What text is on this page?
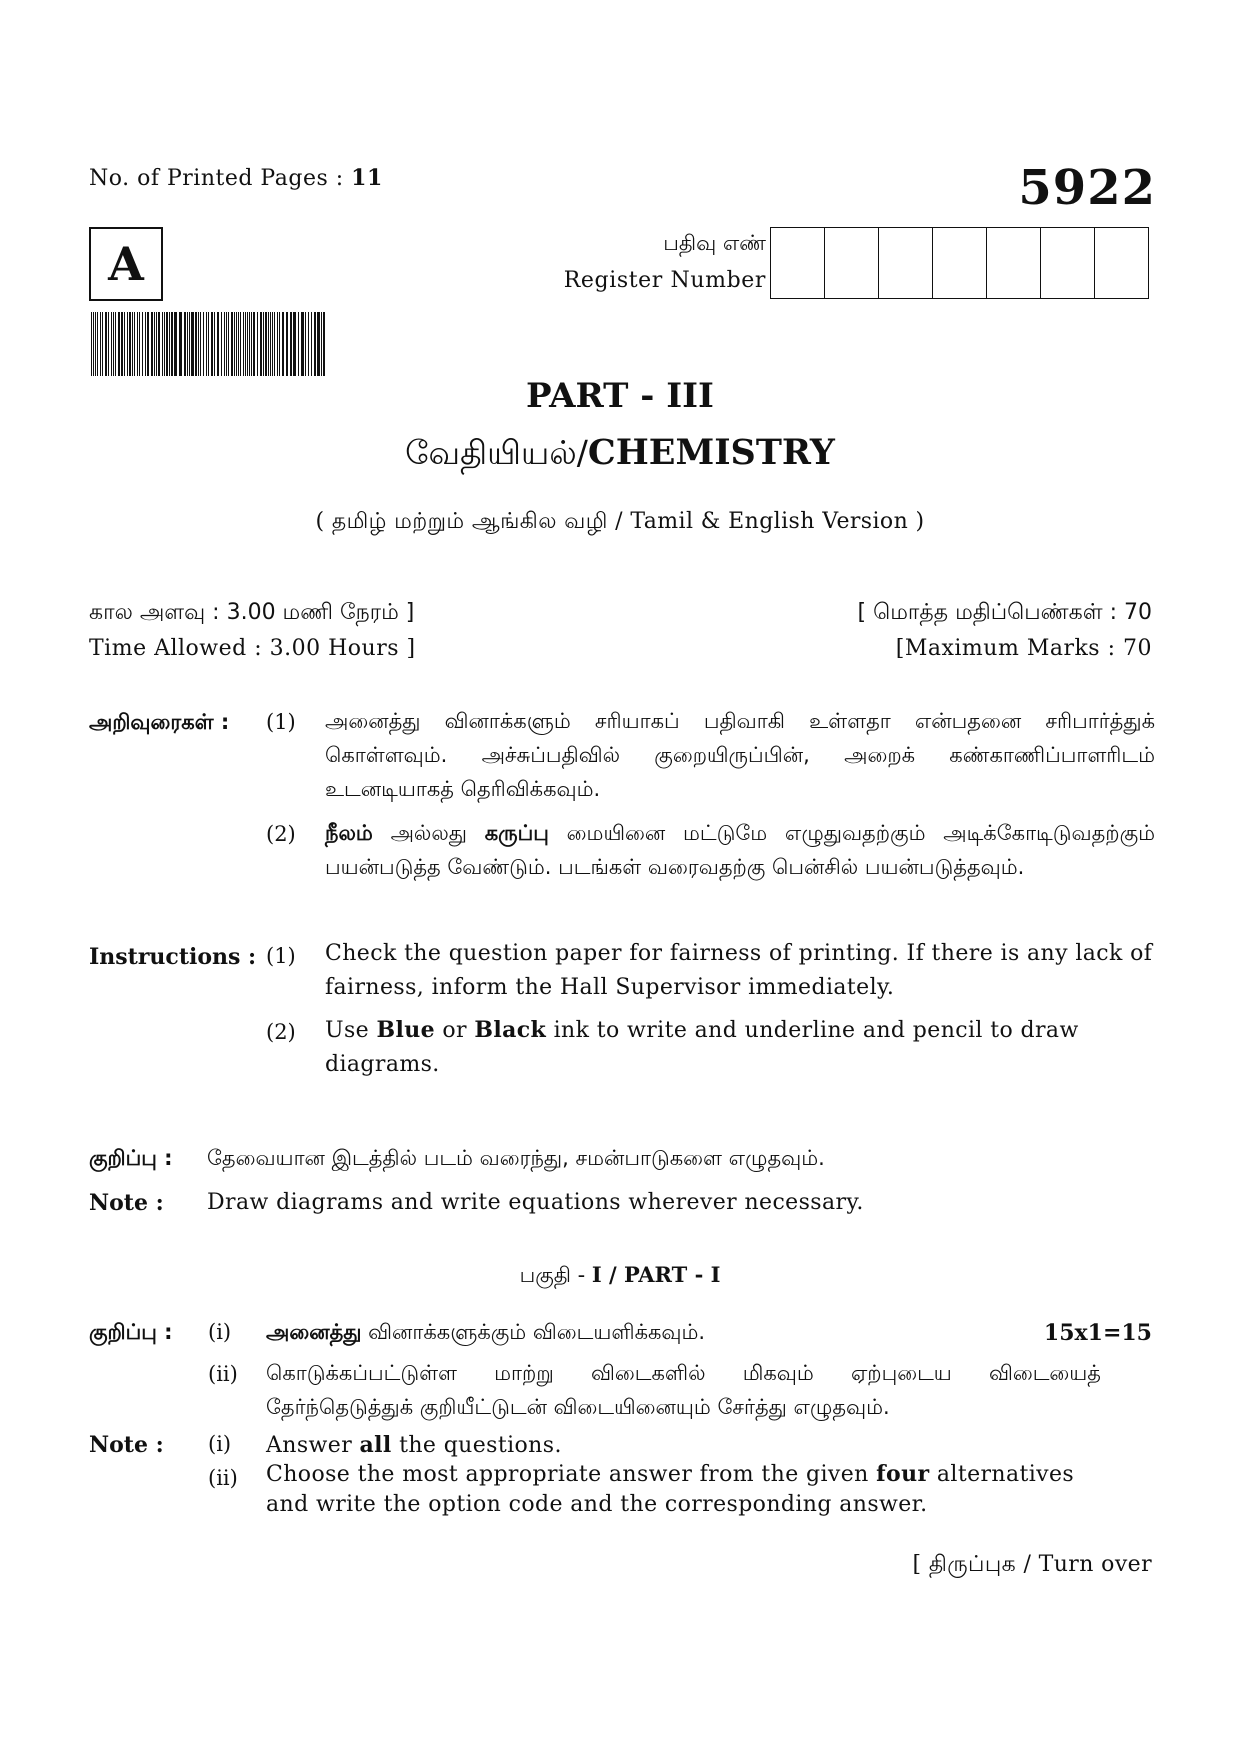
No. of Printed Pages : 11	5922
A	பதிவு எண்
Register Number
PART - III
வேதியியல்/CHEMISTRY
( தமிழ் மற்றும் ஆங்கில வழி / Tamil & English Version )
கால அளவு : 3.00 மணி நேரம் ]
Time Allowed : 3.00 Hours ]
[ மொத்த மதிப்பெண்கள் : 70
[Maximum Marks : 70
அறிவுரைகள் : (1) அனைத்து வினாக்களும் சரியாகப் பதிவாகி உள்ளதா என்பதனை சரிபார்த்துக் கொள்ளவும். அச்சுப்பதிவில் குறையிருப்பின், அறைக் கண்காணிப்பாளரிடம் உடனடியாகத் தெரிவிக்கவும்.
(2) நீலம் அல்லது கருப்பு மையினை மட்டுமே எழுதுவதற்கும் அடிக்கோடிடுவதற்கும் பயன்படுத்த வேண்டும். படங்கள் வரைவதற்கு பென்சில் பயன்படுத்தவும்.
Instructions : (1) Check the question paper for fairness of printing. If there is any lack of fairness, inform the Hall Supervisor immediately.
(2) Use Blue or Black ink to write and underline and pencil to draw diagrams.
குறிப்பு : தேவையான இடத்தில் படம் வரைந்து, சமன்பாடுகளை எழுதவும்.
Note : Draw diagrams and write equations wherever necessary.
பகுதி - I / PART - I
குறிப்பு : (i) அனைத்து வினாக்களுக்கும் விடையளிக்கவும்.	15x1=15
(ii) கொடுக்கப்பட்டுள்ள மாற்று விடைகளில் மிகவும் ஏற்புடைய விடையைத் தேர்ந்தெடுத்துக் குறியீட்டுடன் விடையினையும் சேர்த்து எழுதவும்.
Note : (i) Answer all the questions.
(ii) Choose the most appropriate answer from the given four alternatives and write the option code and the corresponding answer.
[ திருப்புக / Turn over
